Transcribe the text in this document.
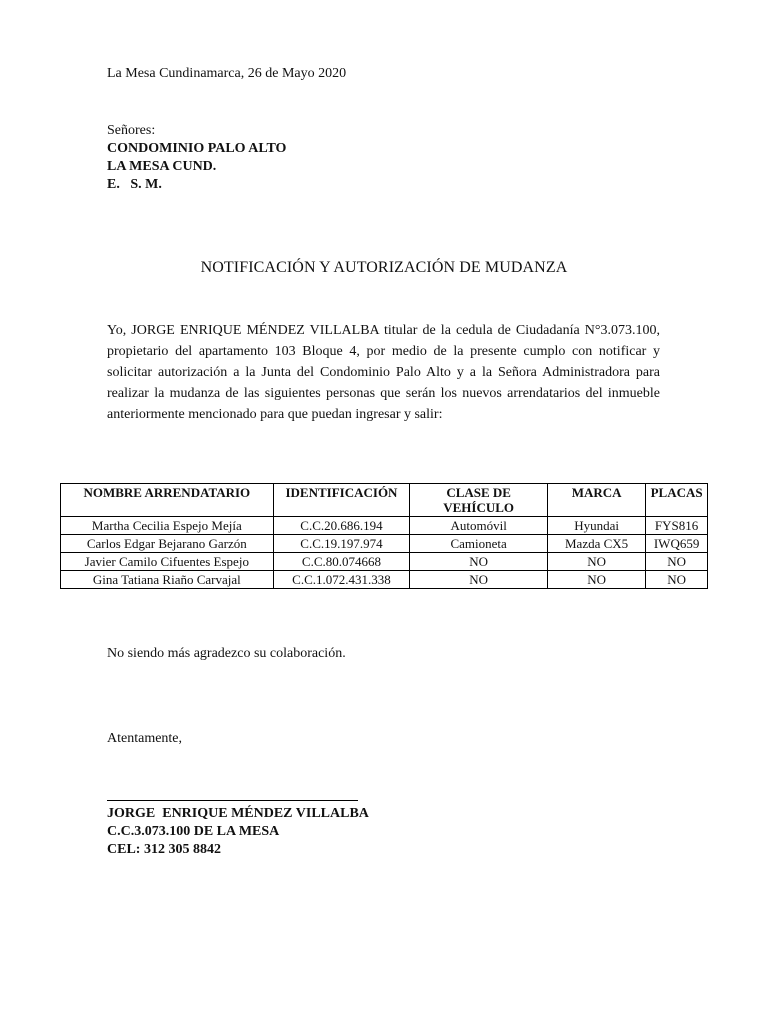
La Mesa Cundinamarca, 26 de Mayo 2020
Señores:
CONDOMINIO PALO ALTO
LA MESA CUND.
E.   S. M.
NOTIFICACIÓN Y AUTORIZACIÓN DE MUDANZA
Yo, JORGE ENRIQUE MÉNDEZ VILLALBA titular de la cedula de Ciudadanía N°3.073.100, propietario del apartamento 103 Bloque 4, por medio de la presente cumplo con notificar y solicitar autorización a la Junta del Condominio Palo Alto y a la Señora Administradora para realizar la mudanza de las siguientes personas que serán los nuevos arrendatarios del inmueble anteriormente mencionado para que puedan ingresar y salir:
NOMBRE ARRENDATARIO	IDENTIFICACIÓN	CLASE DE VEHÍCULO	MARCA	PLACAS
Martha Cecilia Espejo Mejía	C.C.20.686.194	Automóvil	Hyundai	FYS816
Carlos Edgar Bejarano Garzón	C.C.19.197.974	Camioneta	Mazda CX5	IWQ659
Javier Camilo Cifuentes Espejo	C.C.80.074668	NO	NO	NO
Gina Tatiana Riaño Carvajal	C.C.1.072.431.338	NO	NO	NO
No siendo más agradezco su colaboración.
Atentamente,
JORGE  ENRIQUE MÉNDEZ VILLALBA
C.C.3.073.100 DE LA MESA
CEL: 312 305 8842
